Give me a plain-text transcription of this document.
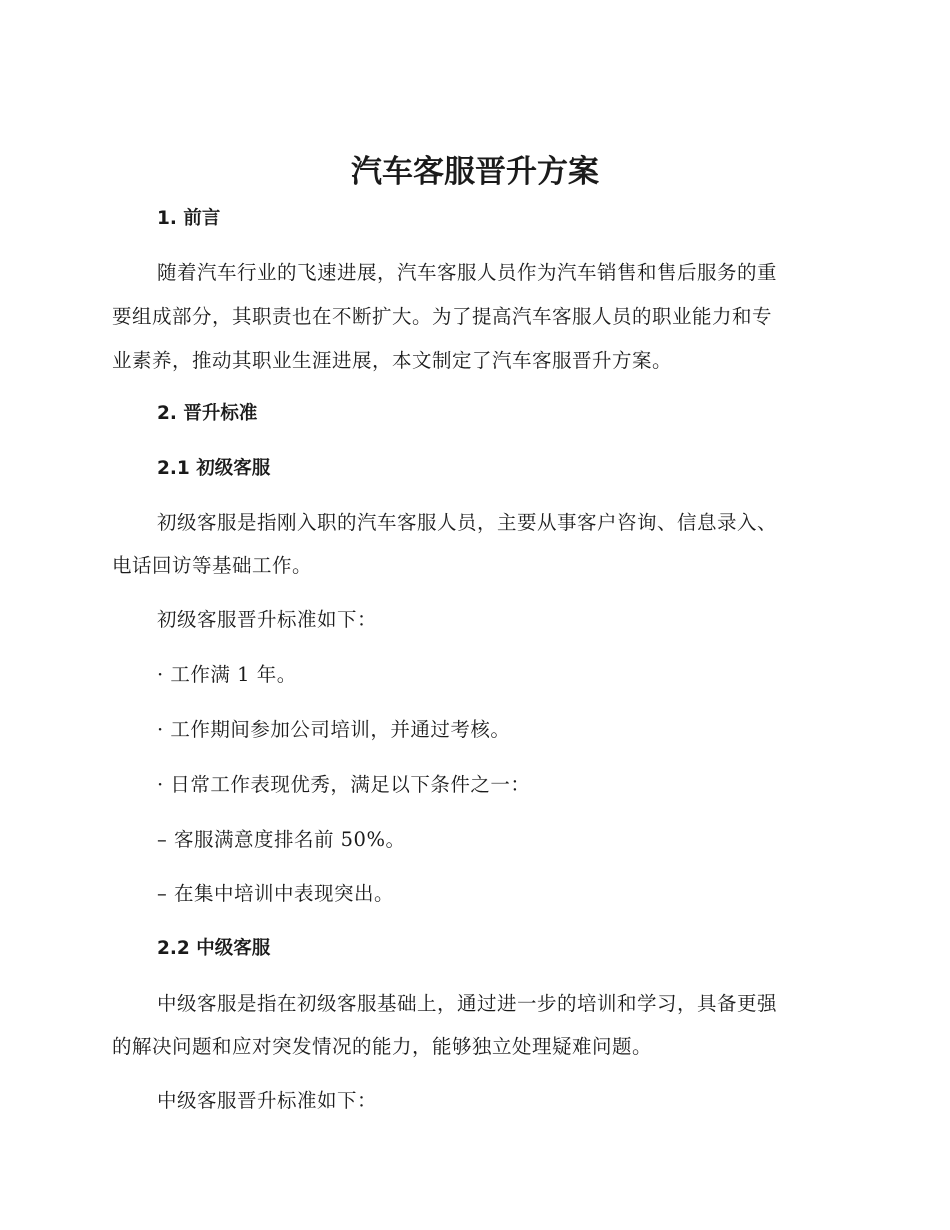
汽车客服晋升方案
1. 前言
随着汽车行业的飞速进展，汽车客服人员作为汽车销售和售后服务的重
要组成部分，其职责也在不断扩大。为了提高汽车客服人员的职业能力和专
业素养，推动其职业生涯进展，本文制定了汽车客服晋升方案。
2. 晋升标准
2.1 初级客服
初级客服是指刚入职的汽车客服人员，主要从事客户咨询、信息录入、
电话回访等基础工作。
初级客服晋升标准如下：
· 工作满 1 年。
· 工作期间参加公司培训，并通过考核。
· 日常工作表现优秀，满足以下条件之一：
– 客服满意度排名前 50%。
– 在集中培训中表现突出。
2.2 中级客服
中级客服是指在初级客服基础上，通过进一步的培训和学习，具备更强
的解决问题和应对突发情况的能力，能够独立处理疑难问题。
中级客服晋升标准如下：
